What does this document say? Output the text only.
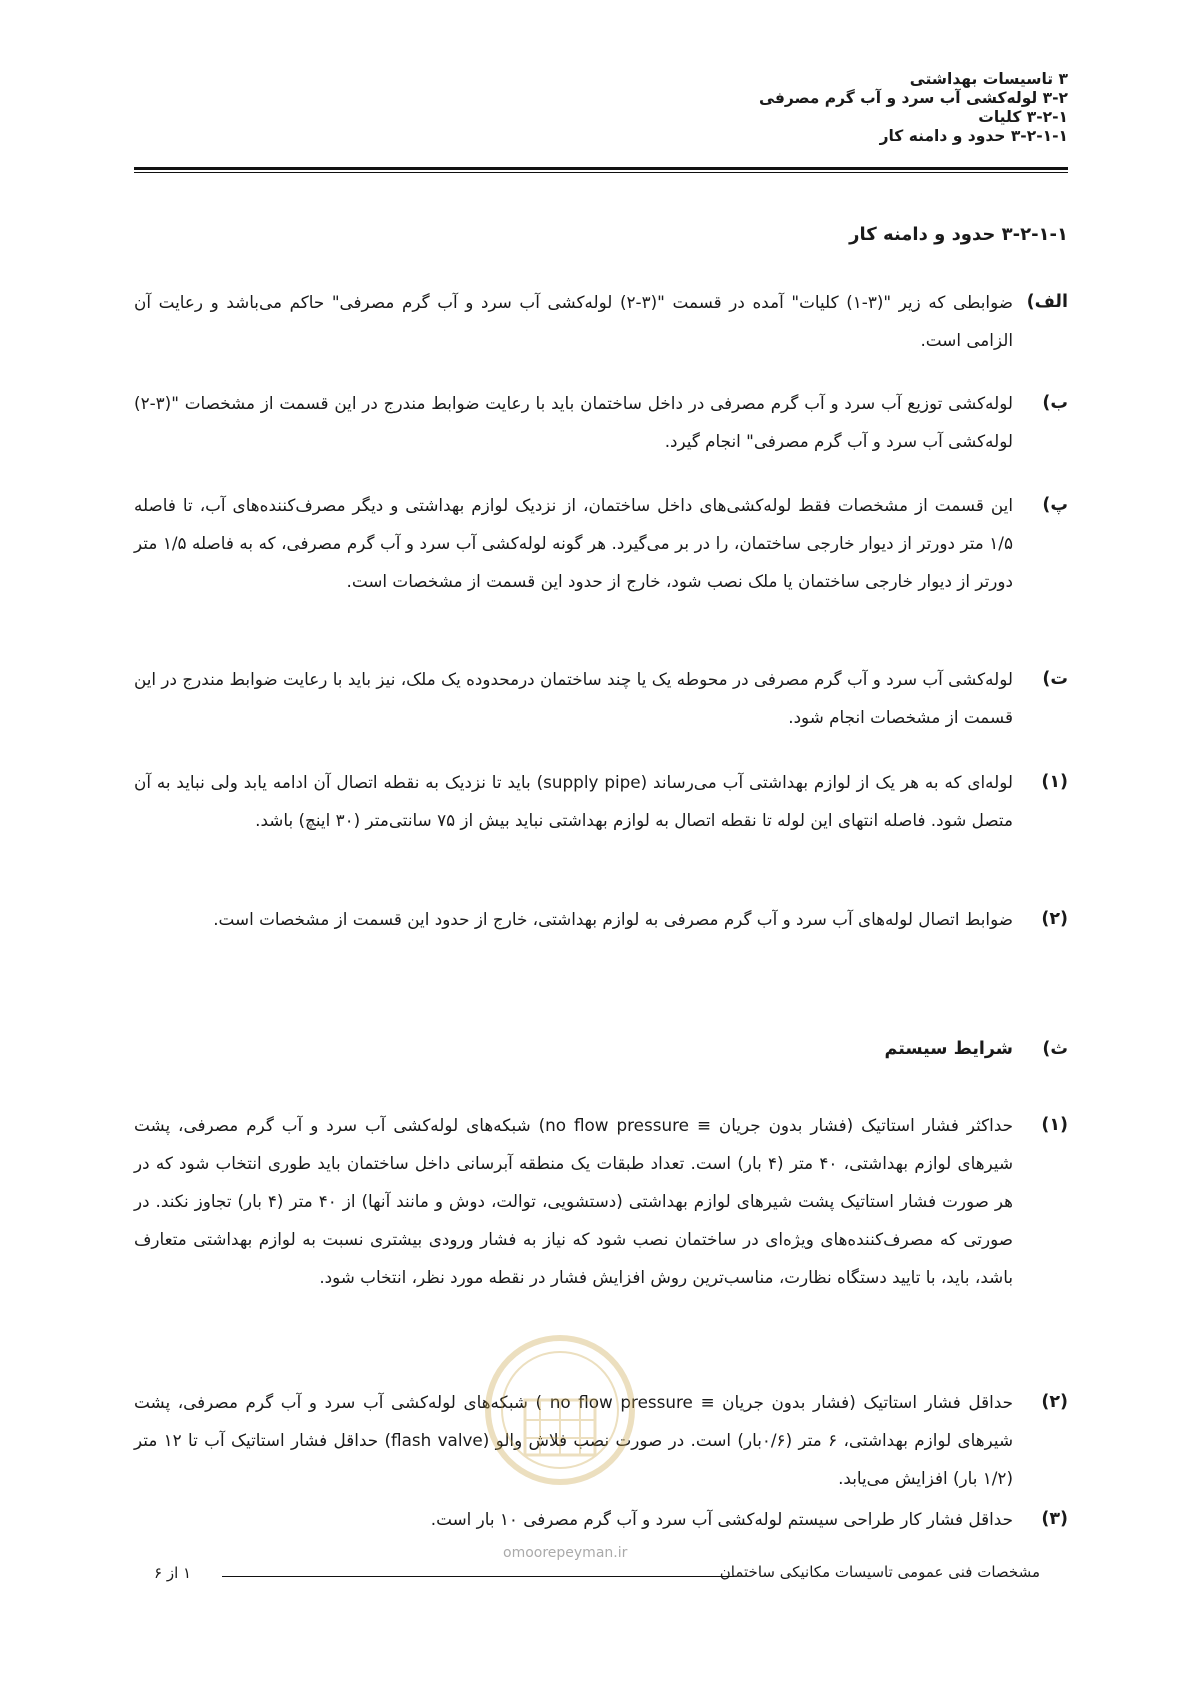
۳ تاسیسات بهداشتی
۳-۲ لوله‌کشی آب سرد و آب گرم مصرفی
۳-۲-۱ کلیات
۳-۲-۱-۱ حدود و دامنه کار
۳-۲-۱-۱ حدود و دامنه کار
الف)
ضوابطی که زیر "(۳-۱) کلیات" آمده در قسمت "(۳-۲) لوله‌کشی آب سرد و آب گرم مصرفی" حاکم می‌باشد و رعایت آن الزامی است.
ب)
لوله‌کشی توزیع آب سرد و آب گرم مصرفی در داخل ساختمان باید با رعایت ضوابط مندرج در این قسمت از مشخصات "(۳-۲) لوله‌کشی آب سرد و آب گرم مصرفی" انجام گیرد.
پ)
این قسمت از مشخصات فقط لوله‌کشی‌های داخل ساختمان، از نزدیک لوازم بهداشتی و دیگر مصرف‌کننده‌های آب، تا فاصله ۱/۵ متر دورتر از دیوار خارجی ساختمان، را در بر می‌گیرد. هر گونه لوله‌کشی آب سرد و آب گرم مصرفی، که به فاصله ۱/۵ متر دورتر از دیوار خارجی ساختمان یا ملک نصب شود، خارج از حدود این قسمت از مشخصات است.
ت)
لوله‌کشی آب سرد و آب گرم مصرفی در محوطه یک یا چند ساختمان درمحدوده یک ملک، نیز باید با رعایت ضوابط مندرج در این قسمت از مشخصات انجام شود.
(۱)
لوله‌ای که به هر یک از لوازم بهداشتی آب می‌رساند (supply pipe) باید تا نزدیک به نقطه اتصال آن ادامه یابد ولی نباید به آن متصل شود. فاصله انتهای این لوله تا نقطه اتصال به لوازم بهداشتی نباید بیش از ۷۵ سانتی‌متر (۳۰ اینچ) باشد.
(۲)
ضوابط اتصال لوله‌های آب سرد و آب گرم مصرفی به لوازم بهداشتی، خارج از حدود این قسمت از مشخصات است.
ث)شرایط سیستم
(۱)
حداکثر فشار استاتیک (فشار بدون جریان ≡ no flow pressure) شبکه‌های لوله‌کشی آب سرد و آب گرم مصرفی، پشت شیرهای لوازم بهداشتی، ۴۰ متر (۴ بار) است. تعداد طبقات یک منطقه آبرسانی داخل ساختمان باید طوری انتخاب شود که در هر صورت فشار استاتیک پشت شیرهای لوازم بهداشتی (دستشویی، توالت، دوش و مانند آنها) از ۴۰ متر (۴ بار) تجاوز نکند. در صورتی که مصرف‌کننده‌های ویژه‌ای در ساختمان نصب شود که نیاز به فشار ورودی بیشتری نسبت به لوازم بهداشتی متعارف باشد، باید، با تایید دستگاه نظارت، مناسب‌ترین روش افزایش فشار در نقطه مورد نظر، انتخاب شود.
(۲)
حداقل فشار استاتیک (فشار بدون جریان ≡ no flow pressure ) شبکه‌های لوله‌کشی آب سرد و آب گرم مصرفی، پشت شیرهای لوازم بهداشتی، ۶ متر (۰/۶بار) است. در صورت نصب فلاش والو (flash valve) حداقل فشار استاتیک آب تا ۱۲ متر (۱/۲ بار) افزایش می‌یابد.
(۳)
حداقل فشار کار طراحی سیستم لوله‌کشی آب سرد و آب گرم مصرفی ۱۰ بار است.
omoorepeyman.ir
مشخصات فنی عمومی تاسیسات مکانیکی ساختمان
۱ از ۶
